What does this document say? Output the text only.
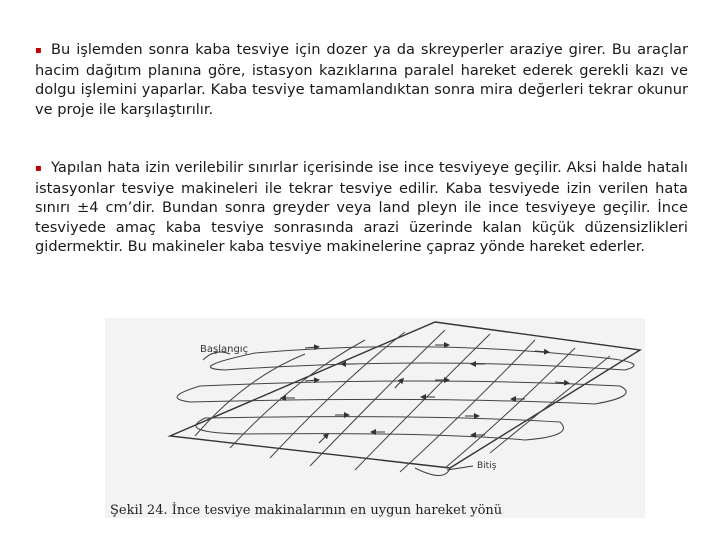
▪ Bu işlemden sonra kaba tesviye için dozer ya da skreyperler araziye girer. Bu araçlar hacim dağıtım planına göre, istasyon kazıklarına paralel hareket ederek gerekli kazı ve dolgu işlemini yaparlar. Kaba tesviye tamamlandıktan sonra mira değerleri tekrar okunur ve proje ile karşılaştırılır.

▪ Yapılan hata izin verilebilir sınırlar içerisinde ise ince tesviyeye geçilir. Aksi halde hatalı istasyonlar tesviye makineleri ile tekrar tesviye edilir. Kaba tesviyede izin verilen hata sınırı ±4 cm’dir. Bundan sonra greyder veya land pleyn ile ince tesviyeye geçilir. İnce tesviyede amaç kaba tesviye sonrasında arazi üzerinde kalan küçük düzensizlikleri gidermektir. Bu makineler kaba tesviye makinelerine çapraz yönde hareket ederler.

Başlangıç
Bitiş
Şekil 24. İnce tesviye makinalarının en uygun hareket yönü
